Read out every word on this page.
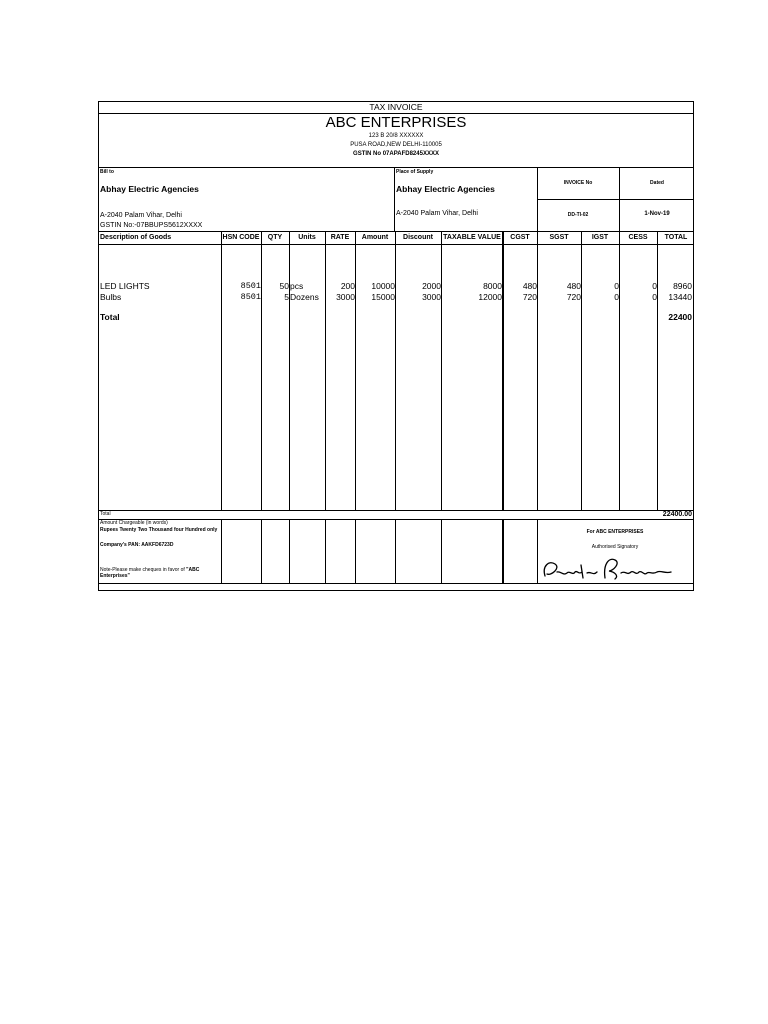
TAX INVOICE
ABC ENTERPRISES
123 B 20/8 XXXXXX
PUSA ROAD,NEW DELHI-110005
GSTIN No 07APAFD8245XXXX
Bill to
Abhay Electric Agencies
A-2040 Palam Vihar, Delhi
GSTIN No:-07BBUPS5612XXXX
Place of Supply
Abhay Electric Agencies
A-2040 Palam Vihar, Delhi
INVOICE No	Dated
DD-TI-02	1-Nov-19
Description of Goods	HSN CODE	QTY	Units	RATE	Amount	Discount	TAXABLE VALUE	CGST	SGST	IGST	CESS	TOTAL
LED LIGHTS	8501	50 pcs	200	10000	2000	8000	480	480	0	0	8960
Bulbs	8501	5 Dozens	3000	15000	3000	12000	720	720	0	0	13440
Total	22400
Total	22400.00
Amount Chargeable (in words)
Rupees Twenty Two Thousand four Hundred only
Company's PAN: AAKFD6723D
Note-Please make cheques in favor of "ABC Enterprises"
For ABC ENTERPRISES
Authorised Signatory
